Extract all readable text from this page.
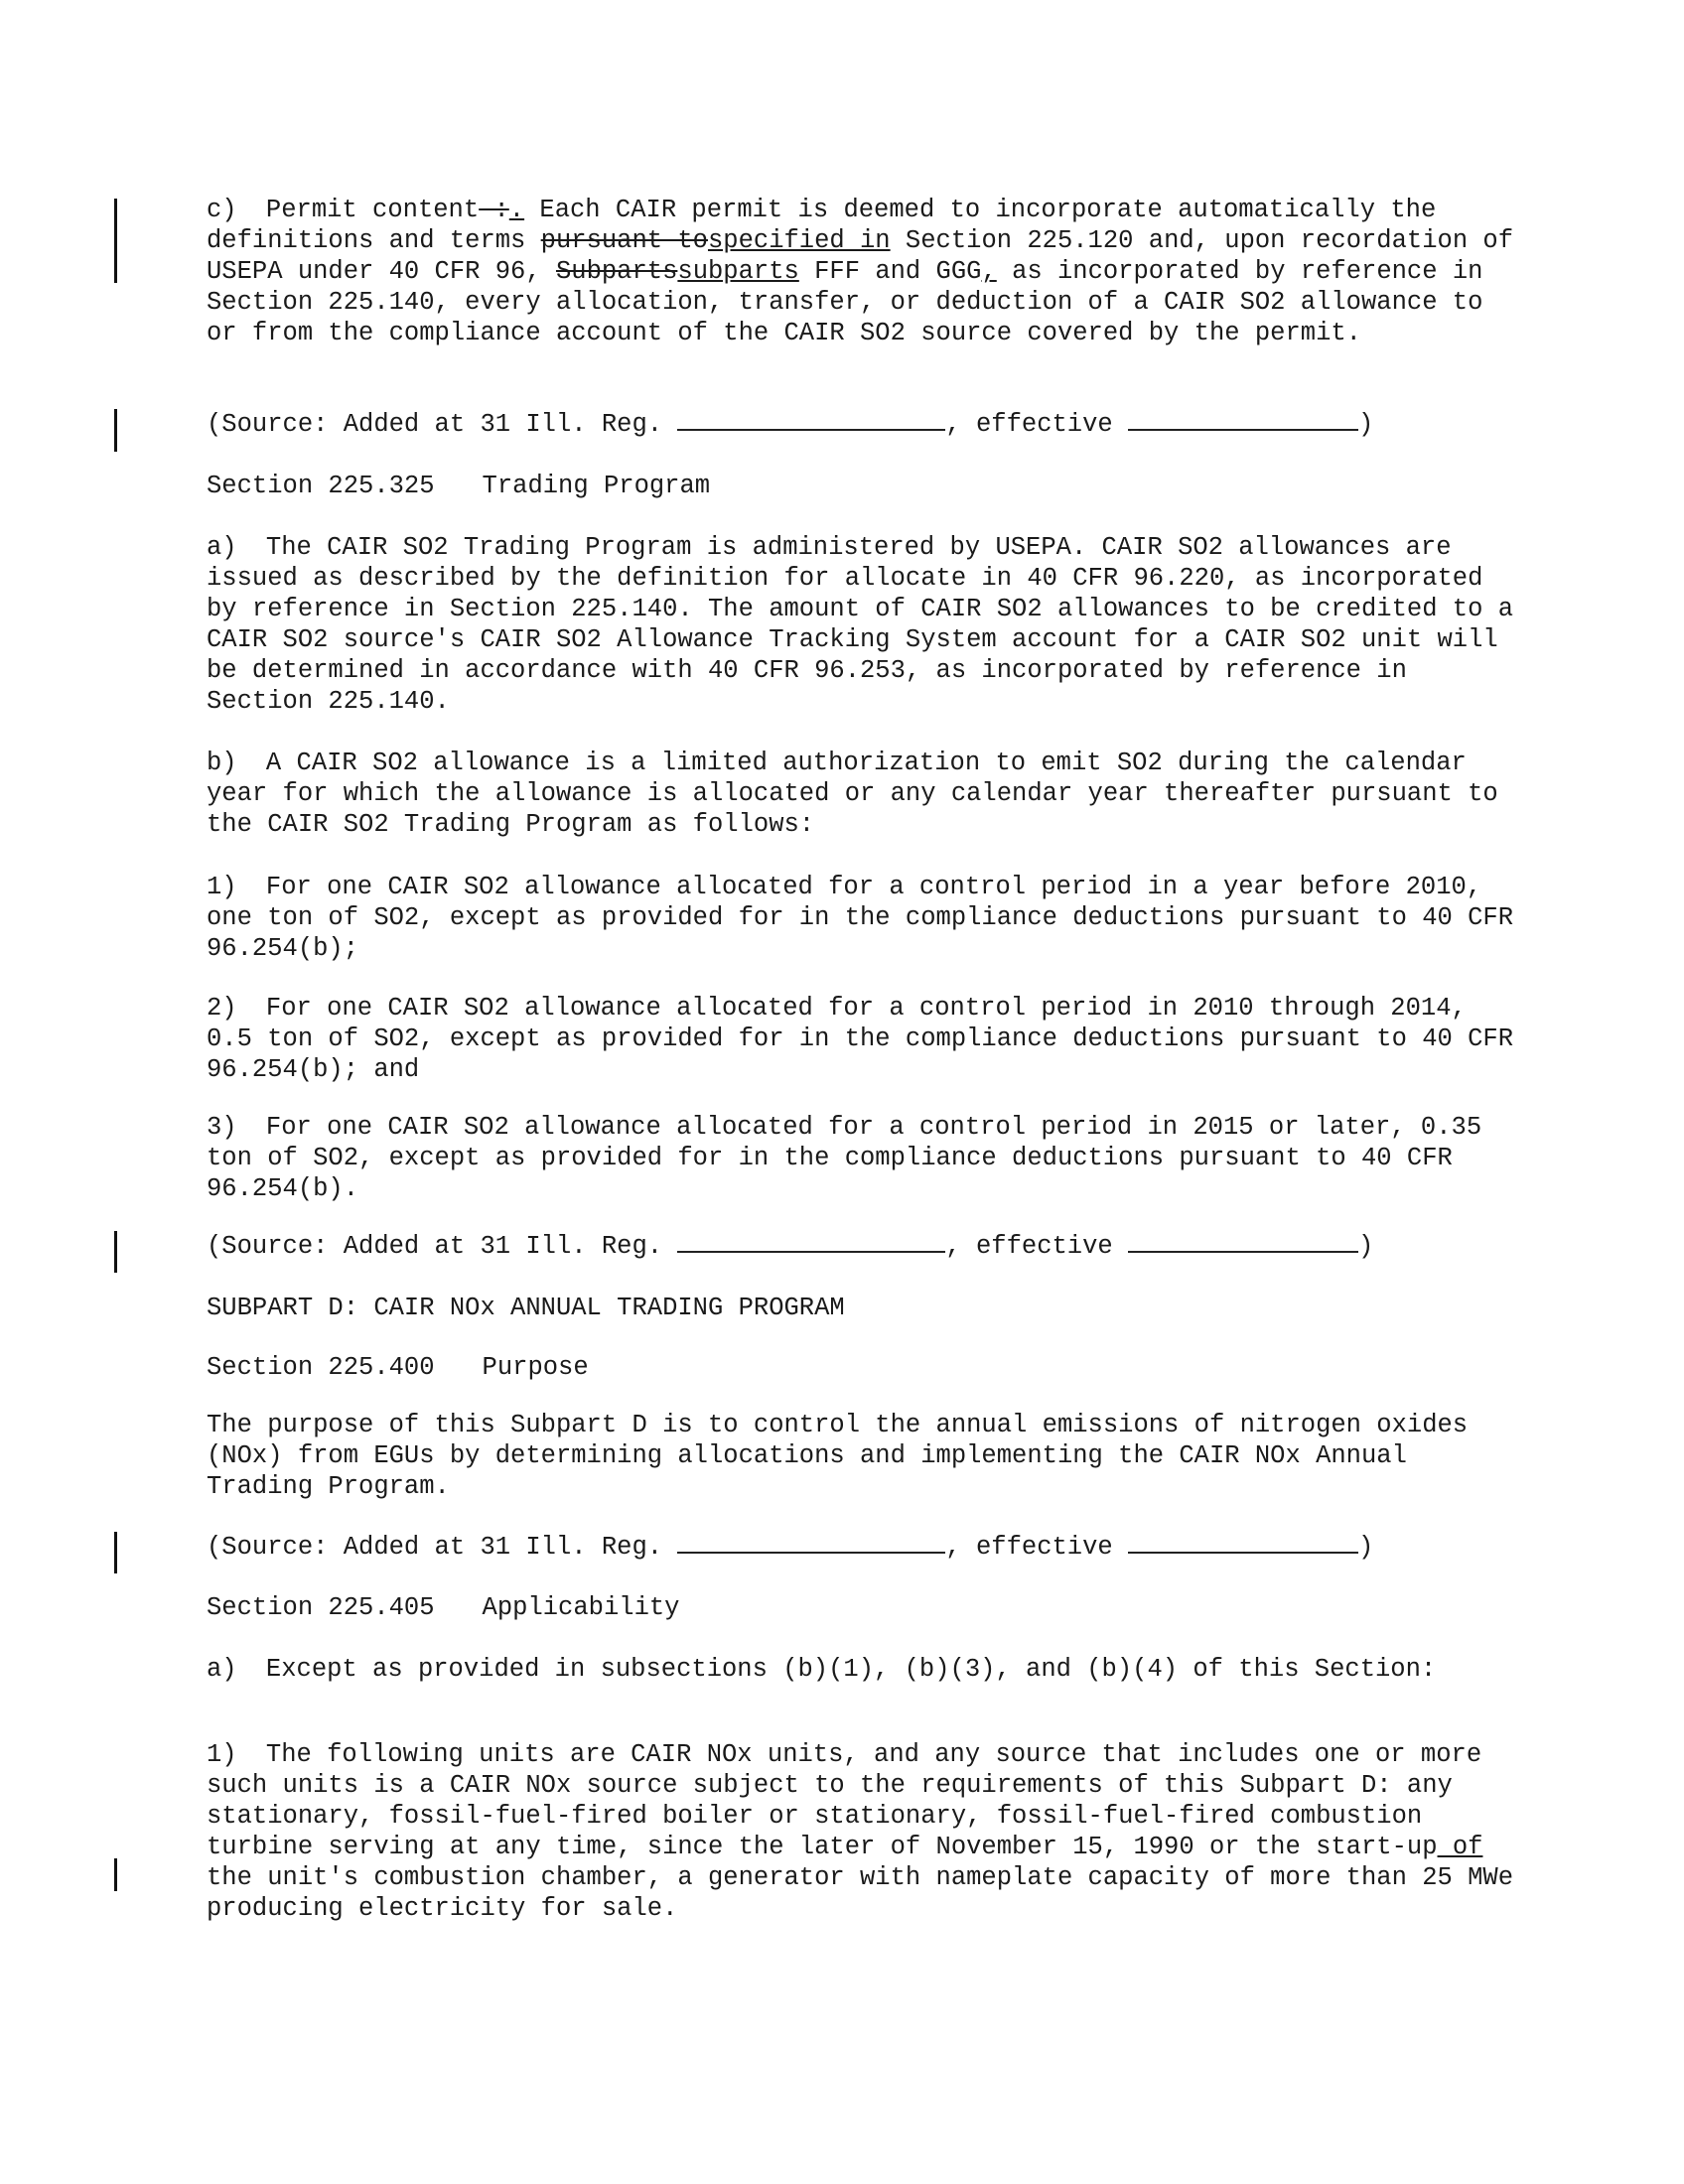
c) Permit content-:. Each CAIR permit is deemed to incorporate automatically the definitions and terms pursuant tospecified in Section 225.120 and, upon recordation of USEPA under 40 CFR 96, Subpartssubparts FFF and GGG, as incorporated by reference in Section 225.140, every allocation, transfer, or deduction of a CAIR SO2 allowance to or from the compliance account of the CAIR SO2 source covered by the permit.

(Source: Added at 31 Ill. Reg.	, effective	)

Section 225.325 Trading Program

a) The CAIR SO2 Trading Program is administered by USEPA. CAIR SO2 allowances are issued as described by the definition for allocate in 40 CFR 96.220, as incorporated by reference in Section 225.140. The amount of CAIR SO2 allowances to be credited to a CAIR SO2 source's CAIR SO2 Allowance Tracking System account for a CAIR SO2 unit will be determined in accordance with 40 CFR 96.253, as incorporated by reference in Section 225.140.

b) A CAIR SO2 allowance is a limited authorization to emit SO2 during the calendar year for which the allowance is allocated or any calendar year thereafter pursuant to the CAIR SO2 Trading Program as follows:

1) For one CAIR SO2 allowance allocated for a control period in a year before 2010, one ton of SO2, except as provided for in the compliance deductions pursuant to 40 CFR 96.254(b);

2) For one CAIR SO2 allowance allocated for a control period in 2010 through 2014, 0.5 ton of SO2, except as provided for in the compliance deductions pursuant to 40 CFR 96.254(b); and

3) For one CAIR SO2 allowance allocated for a control period in 2015 or later, 0.35 ton of SO2, except as provided for in the compliance deductions pursuant to 40 CFR 96.254(b).

(Source: Added at 31 Ill. Reg.	, effective	)

SUBPART D: CAIR NOx ANNUAL TRADING PROGRAM

Section 225.400 Purpose

The purpose of this Subpart D is to control the annual emissions of nitrogen oxides (NOx) from EGUs by determining allocations and implementing the CAIR NOx Annual Trading Program.

(Source: Added at 31 Ill. Reg.	, effective	)

Section 225.405 Applicability

a) Except as provided in subsections (b)(1), (b)(3), and (b)(4) of this Section:

1) The following units are CAIR NOx units, and any source that includes one or more such units is a CAIR NOx source subject to the requirements of this Subpart D: any stationary, fossil-fuel-fired boiler or stationary, fossil-fuel-fired combustion turbine serving at any time, since the later of November 15, 1990 or the start-up of the unit's combustion chamber, a generator with nameplate capacity of more than 25 MWe producing electricity for sale.
